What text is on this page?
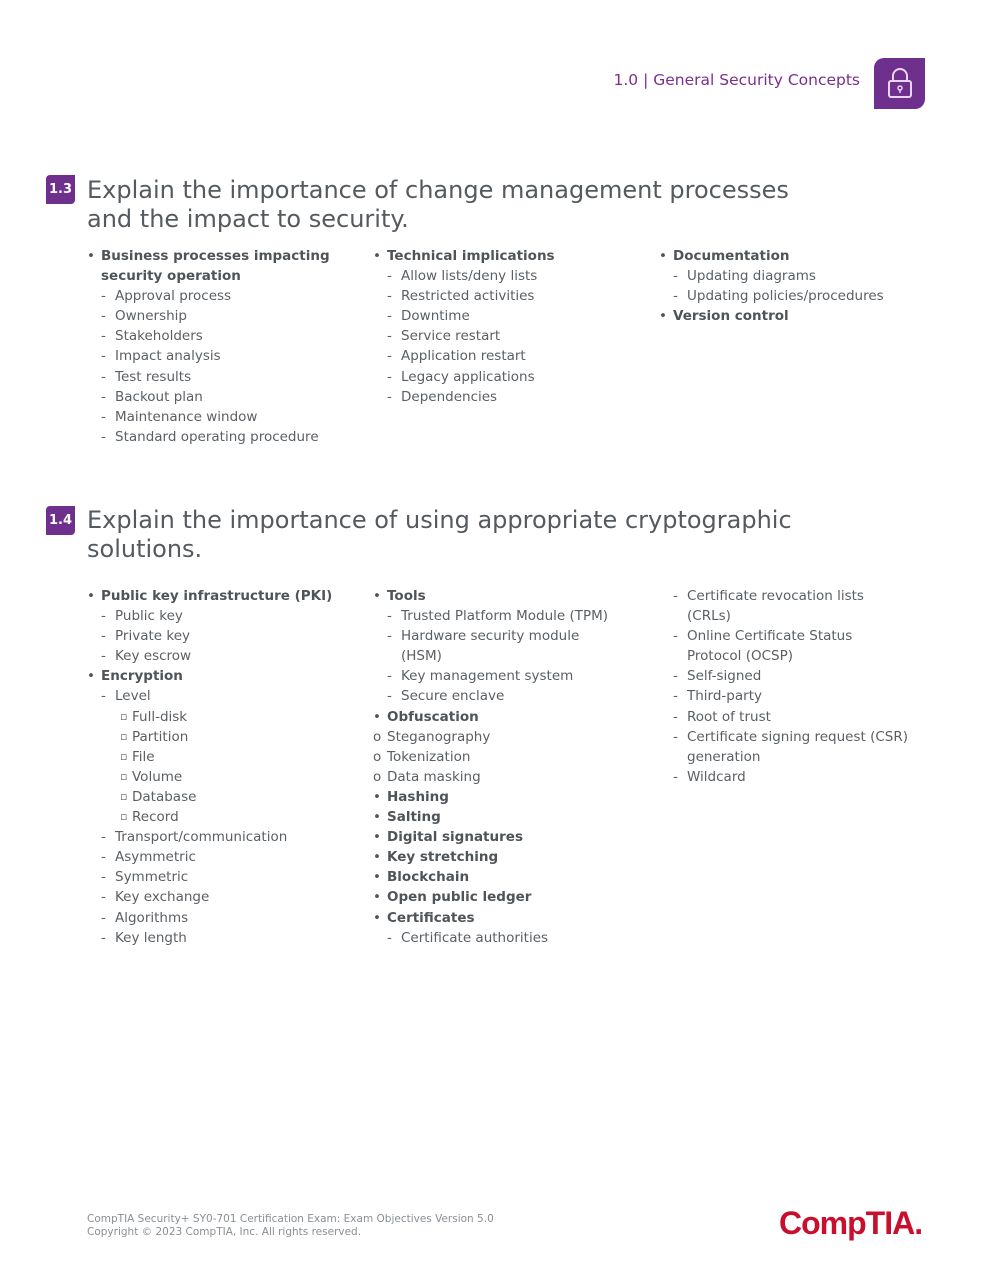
1.0 | General Security Concepts
1.3 Explain the importance of change management processes
and the impact to security.
• Business processes impacting
security operation
- Approval process
- Ownership
- Stakeholders
- Impact analysis
- Test results
- Backout plan
- Maintenance window
- Standard operating procedure
• Technical implications
- Allow lists/deny lists
- Restricted activities
- Downtime
- Service restart
- Application restart
- Legacy applications
- Dependencies
• Documentation
- Updating diagrams
- Updating policies/procedures
• Version control
1.4 Explain the importance of using appropriate cryptographic
solutions.
• Public key infrastructure (PKI)
- Public key
- Private key
- Key escrow
• Encryption
- Level
▫ Full-disk
▫ Partition
▫ File
▫ Volume
▫ Database
▫ Record
- Transport/communication
- Asymmetric
- Symmetric
- Key exchange
- Algorithms
- Key length
• Tools
- Trusted Platform Module (TPM)
- Hardware security module
(HSM)
- Key management system
- Secure enclave
• Obfuscation
o Steganography
o Tokenization
o Data masking
• Hashing
• Salting
• Digital signatures
• Key stretching
• Blockchain
• Open public ledger
• Certificates
- Certificate authorities
- Certificate revocation lists
(CRLs)
- Online Certificate Status
Protocol (OCSP)
- Self-signed
- Third-party
- Root of trust
- Certificate signing request (CSR)
generation
- Wildcard
CompTIA Security+ SY0-701 Certification Exam: Exam Objectives Version 5.0
Copyright © 2023 CompTIA, Inc. All rights reserved.	CompTIA.
